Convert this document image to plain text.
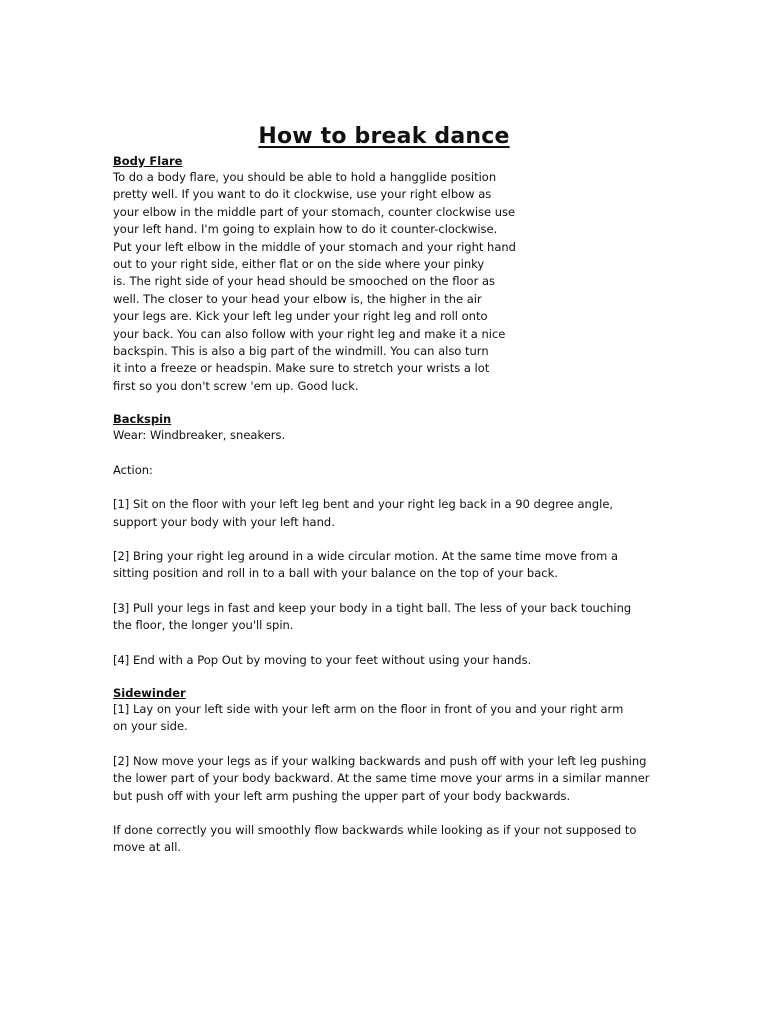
How to break dance
Body Flare
To do a body flare, you should be able to hold a hangglide position
pretty well. If you want to do it clockwise, use your right elbow as
your elbow in the middle part of your stomach, counter clockwise use
your left hand. I'm going to explain how to do it counter-clockwise.
Put your left elbow in the middle of your stomach and your right hand
out to your right side, either flat or on the side where your pinky
is. The right side of your head should be smooched on the floor as
well. The closer to your head your elbow is, the higher in the air
your legs are. Kick your left leg under your right leg and roll onto
your back. You can also follow with your right leg and make it a nice
backspin. This is also a big part of the windmill. You can also turn
it into a freeze or headspin. Make sure to stretch your wrists a lot
first so you don't screw 'em up. Good luck.
Backspin
Wear: Windbreaker, sneakers.
Action:
[1] Sit on the floor with your left leg bent and your right leg back in a 90 degree angle,
support your body with your left hand.
[2] Bring your right leg around in a wide circular motion. At the same time move from a
sitting position and roll in to a ball with your balance on the top of your back.
[3] Pull your legs in fast and keep your body in a tight ball. The less of your back touching
the floor, the longer you'll spin.
[4] End with a Pop Out by moving to your feet without using your hands.
Sidewinder
[1] Lay on your left side with your left arm on the floor in front of you and your right arm
on your side.
[2] Now move your legs as if your walking backwards and push off with your left leg pushing
the lower part of your body backward. At the same time move your arms in a similar manner
but push off with your left arm pushing the upper part of your body backwards.
If done correctly you will smoothly flow backwards while looking as if your not supposed to
move at all.
